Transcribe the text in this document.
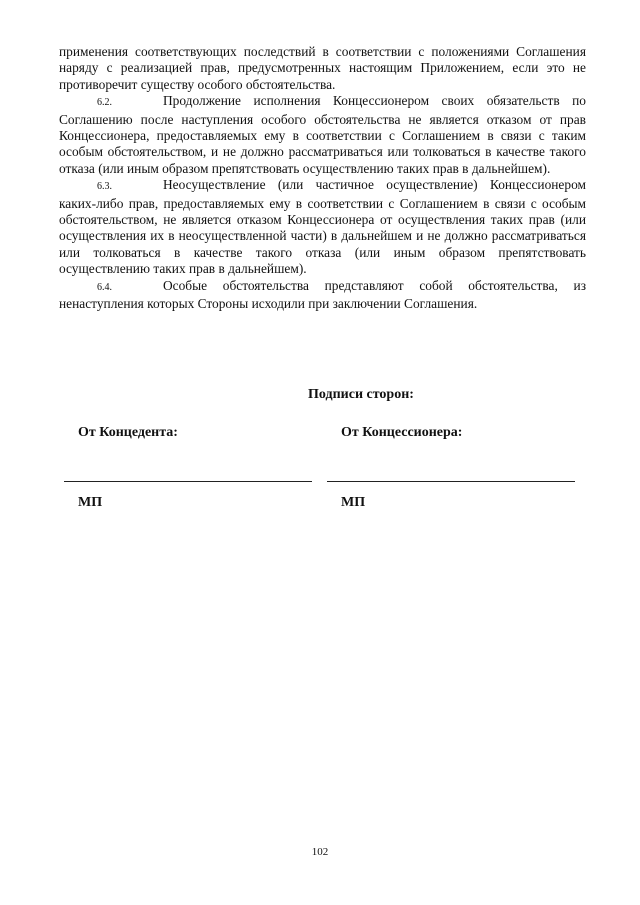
применения соответствующих последствий в соответствии с положениями Соглашения наряду с реализацией прав, предусмотренных настоящим Приложением, если это не противоречит существу особого обстоятельства.

6.2.	Продолжение исполнения Концессионером своих обязательств по Соглашению после наступления особого обстоятельства не является отказом от прав Концессионера, предоставляемых ему в соответствии с Соглашением в связи с таким особым обстоятельством, и не должно рассматриваться или толковаться в качестве такого отказа (или иным образом препятствовать осуществлению таких прав в дальнейшем).

6.3.	Неосуществление (или частичное осуществление) Концессионером каких-либо прав, предоставляемых ему в соответствии с Соглашением в связи с особым обстоятельством, не является отказом Концессионера от осуществления таких прав (или осуществления их в неосуществленной части) в дальнейшем и не должно рассматриваться или толковаться в качестве такого отказа (или иным образом препятствовать осуществлению таких прав в дальнейшем).

6.4.	Особые обстоятельства представляют собой обстоятельства, из ненаступления которых Стороны исходили при заключении Соглашения.

Подписи сторон:
От Концедента:	От Концессионера:
МП	МП
102
